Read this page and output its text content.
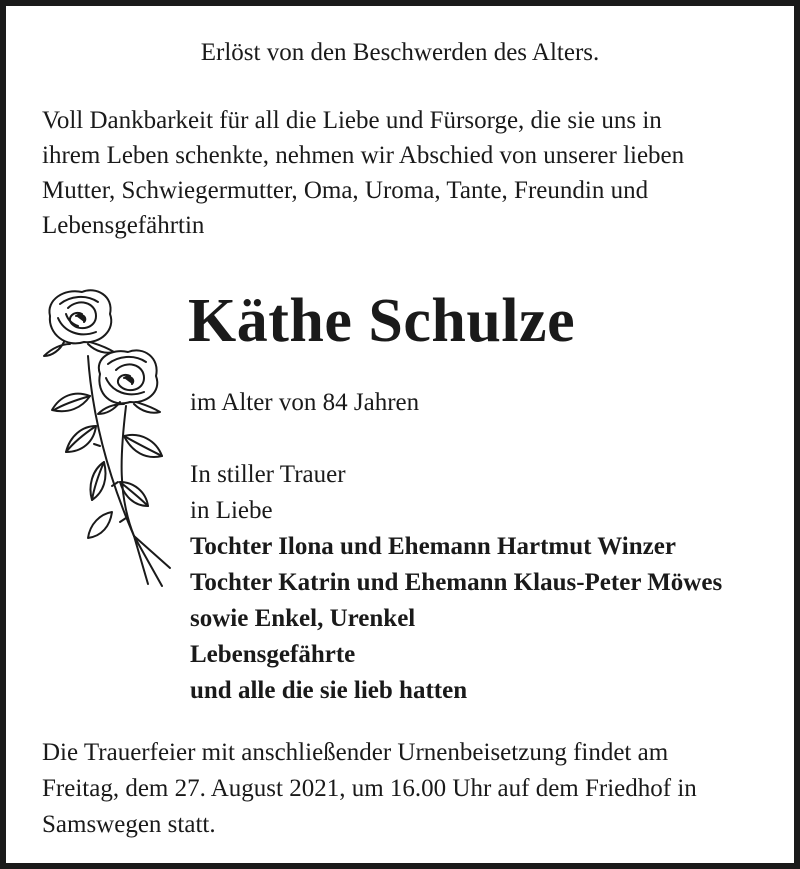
Erlöst von den Beschwerden des Alters.
Voll Dankbarkeit für all die Liebe und Fürsorge, die sie uns in
ihrem Leben schenkte, nehmen wir Abschied von unserer lieben
Mutter, Schwiegermutter, Oma, Uroma, Tante, Freundin und
Lebensgefährtin
Käthe Schulze
im Alter von 84 Jahren
In stiller Trauer
in Liebe
Tochter Ilona und Ehemann Hartmut Winzer
Tochter Katrin und Ehemann Klaus-Peter Möwes
sowie Enkel, Urenkel
Lebensgefährte
und alle die sie lieb hatten
Die Trauerfeier mit anschließender Urnenbeisetzung findet am
Freitag, dem 27. August 2021, um 16.00 Uhr auf dem Friedhof in
Samswegen statt.
